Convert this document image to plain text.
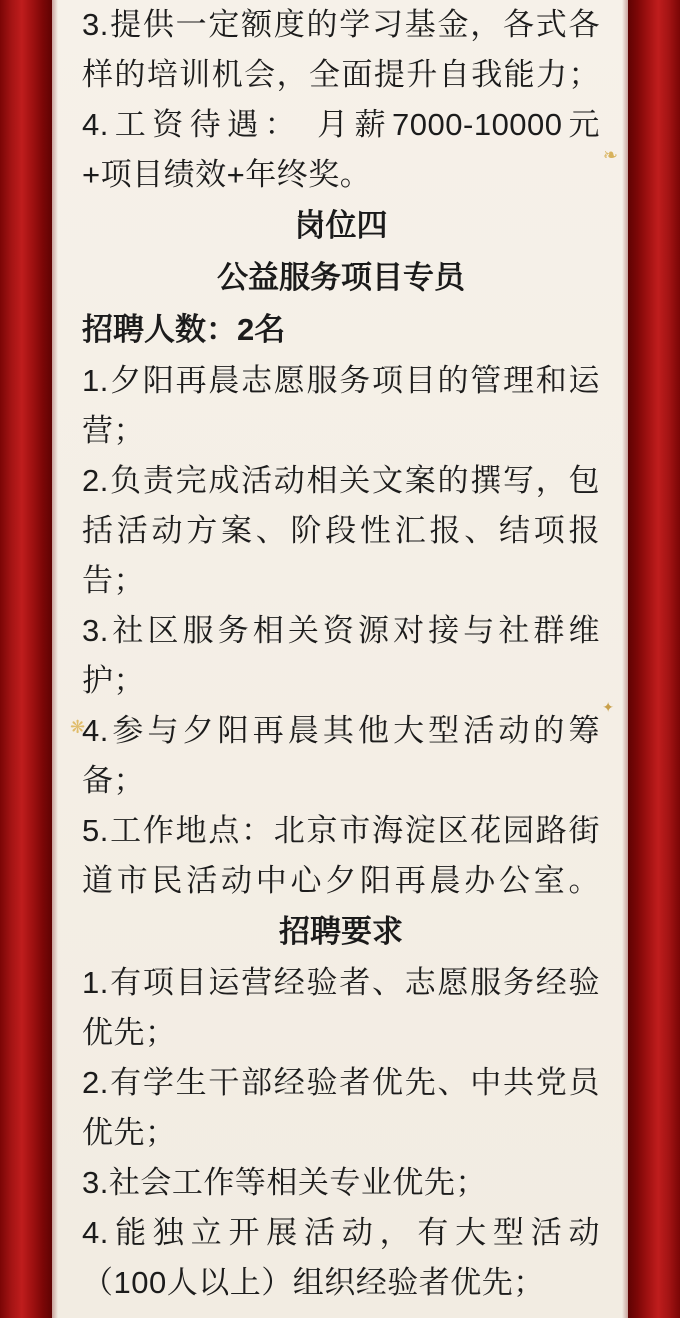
3.提供一定额度的学习基金，各式各
样的培训机会，全面提升自我能力；
4.工资待遇： 月薪7000-10000元
+项目绩效+年终奖。
岗位四
公益服务项目专员
招聘人数：2名
1.夕阳再晨志愿服务项目的管理和运
营；
2.负责完成活动相关文案的撰写，包
括活动方案、阶段性汇报、结项报
告；
3.社区服务相关资源对接与社群维
护；
4.参与夕阳再晨其他大型活动的筹
备；
5.工作地点：北京市海淀区花园路街
道市民活动中心夕阳再晨办公室。
招聘要求
1.有项目运营经验者、志愿服务经验
优先；
2.有学生干部经验者优先、中共党员
优先；
3.社会工作等相关专业优先；
4.能独立开展活动，有大型活动
（100人以上）组织经验者优先；
❧
❋
✦
